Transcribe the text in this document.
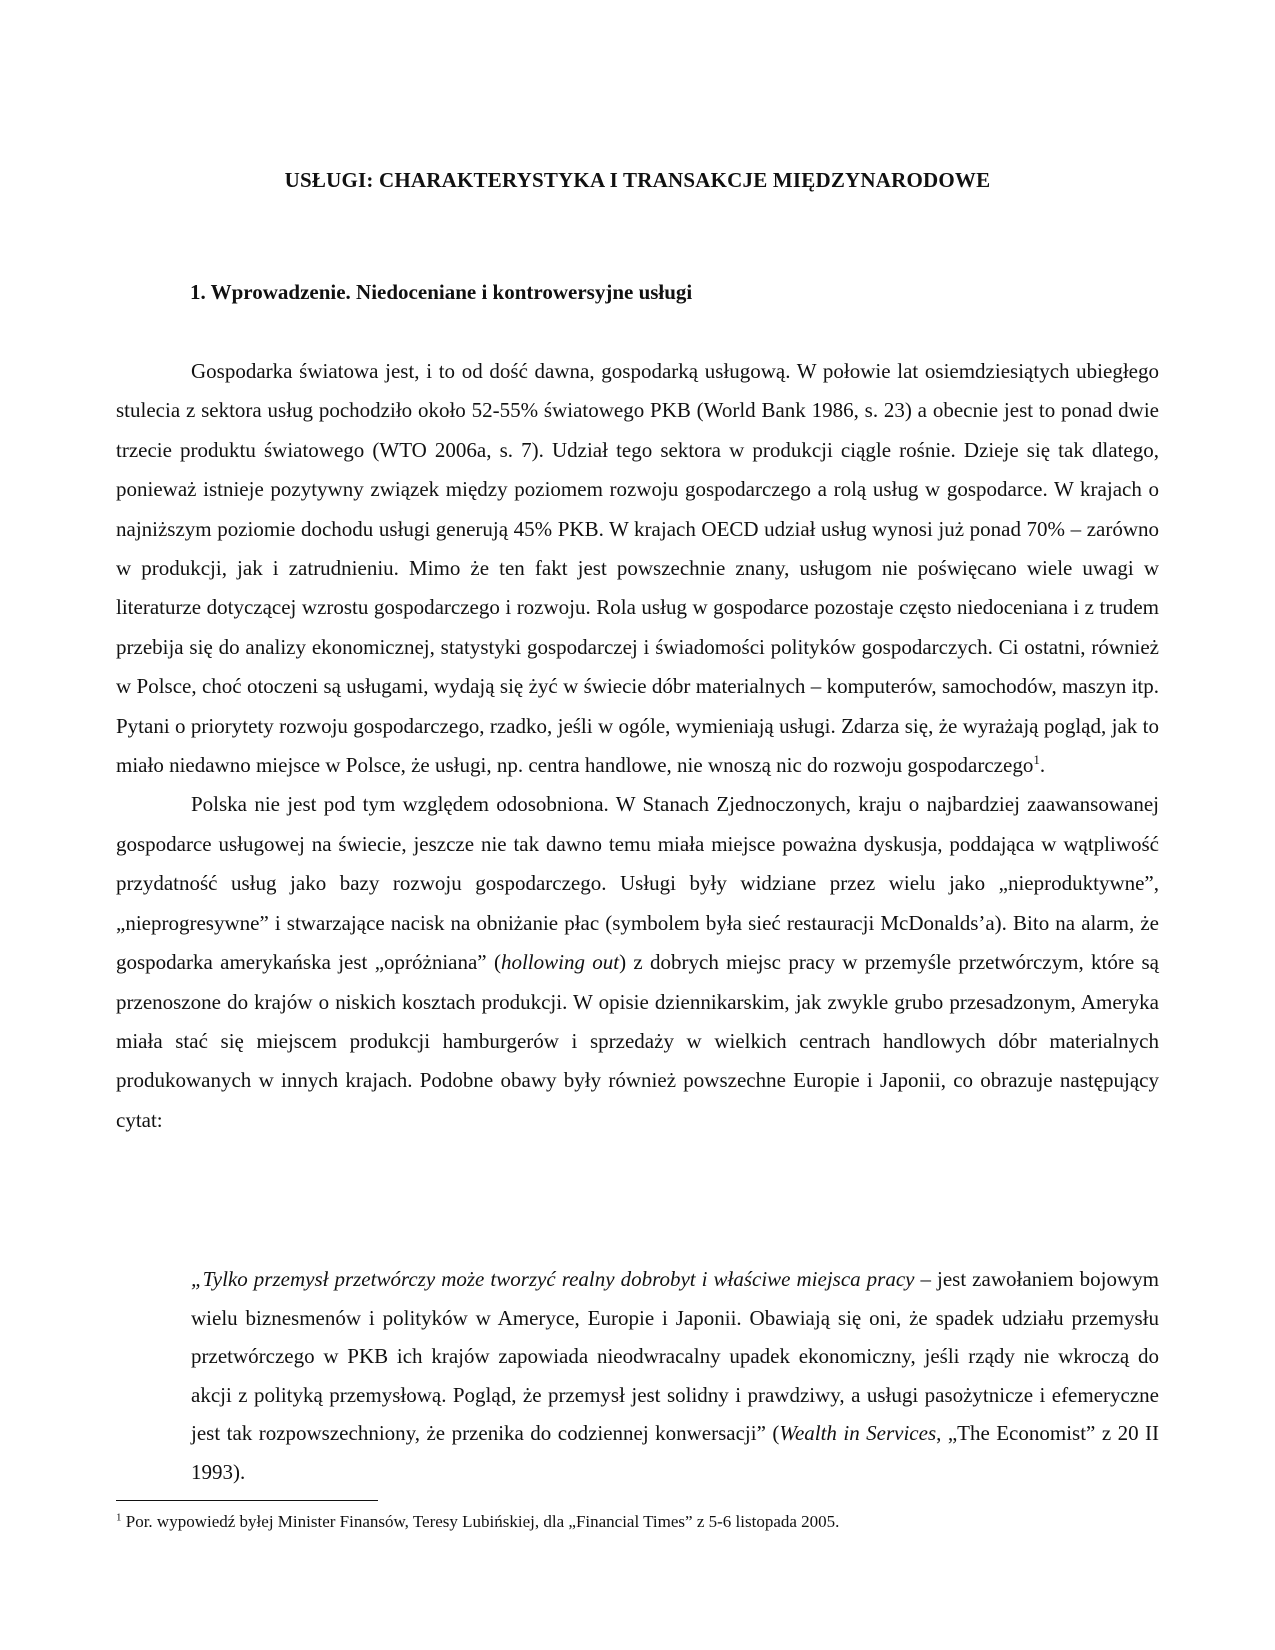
USŁUGI: CHARAKTERYSTYKA I TRANSAKCJE MIĘDZYNARODOWE
1. Wprowadzenie. Niedoceniane i kontrowersyjne usługi

Gospodarka światowa jest, i to od dość dawna, gospodarką usługową. W połowie lat osiemdziesiątych ubiegłego stulecia z sektora usług pochodziło około 52-55% światowego PKB (World Bank 1986, s. 23) a obecnie jest to ponad dwie trzecie produktu światowego (WTO 2006a, s. 7). Udział tego sektora w produkcji ciągle rośnie. Dzieje się tak dlatego, ponieważ istnieje pozytywny związek między poziomem rozwoju gospodarczego a rolą usług w gospodarce. W krajach o najniższym poziomie dochodu usługi generują 45% PKB. W krajach OECD udział usług wynosi już ponad 70% – zarówno w produkcji, jak i zatrudnieniu. Mimo że ten fakt jest powszechnie znany, usługom nie poświęcano wiele uwagi w literaturze dotyczącej wzrostu gospodarczego i rozwoju. Rola usług w gospodarce pozostaje często niedoceniana i z trudem przebija się do analizy ekonomicznej, statystyki gospodarczej i świadomości polityków gospodarczych. Ci ostatni, również w Polsce, choć otoczeni są usługami, wydają się żyć w świecie dóbr materialnych – komputerów, samochodów, maszyn itp. Pytani o priorytety rozwoju gospodarczego, rzadko, jeśli w ogóle, wymieniają usługi. Zdarza się, że wyrażają pogląd, jak to miało niedawno miejsce w Polsce, że usługi, np. centra handlowe, nie wnoszą nic do rozwoju gospodarczego$^1$.

Polska nie jest pod tym względem odosobniona. W Stanach Zjednoczonych, kraju o najbardziej zaawansowanej gospodarce usługowej na świecie, jeszcze nie tak dawno temu miała miejsce poważna dyskusja, poddająca w wątpliwość przydatność usług jako bazy rozwoju gospodarczego. Usługi były widziane przez wielu jako „nieproduktywne”, „nieprogresywne” i stwarzające nacisk na obniżanie płac (symbolem była sieć restauracji McDonalds’a). Bito na alarm, że gospodarka amerykańska jest „opróżniana” (hollowing out) z dobrych miejsc pracy w przemyśle przetwórczym, które są przenoszone do krajów o niskich kosztach produkcji. W opisie dziennikarskim, jak zwykle grubo przesadzonym, Ameryka miała stać się miejscem produkcji hamburgerów i sprzedaży w wielkich centrach handlowych dóbr materialnych produkowanych w innych krajach. Podobne obawy były również powszechne Europie i Japonii, co obrazuje następujący cytat:

„Tylko przemysł przetwórczy może tworzyć realny dobrobyt i właściwe miejsca pracy – jest zawołaniem bojowym wielu biznesmenów i polityków w Ameryce, Europie i Japonii. Obawiają się oni, że spadek udziału przemysłu przetwórczego w PKB ich krajów zapowiada nieodwracalny upadek ekonomiczny, jeśli rządy nie wkroczą do akcji z polityką przemysłową. Pogląd, że przemysł jest solidny i prawdziwy, a usługi pasożytnicze i efemeryczne jest tak rozpowszechniony, że przenika do codziennej konwersacji” (Wealth in Services, „The Economist” z 20 II 1993).

$^1$ Por. wypowiedź byłej Minister Finansów, Teresy Lubińskiej, dla „Financial Times” z 5-6 listopada 2005.
